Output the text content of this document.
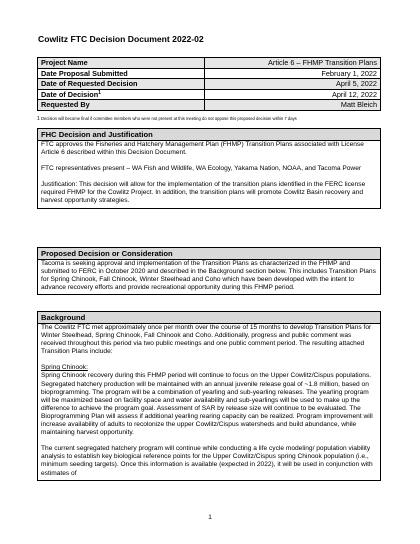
Cowlitz FTC Decision Document 2022-02
Project Name	Article 6 – FHMP Transition Plans
Date Proposal Submitted	February 1, 2022
Date of Requested Decision	April 5, 2022
Date of Decision$^1$	April 12, 2022
Requested By	Matt Bleich
$^1$ Decision will become final if committee members who were not present at this meeting do not oppose this proposed decision within 7 days
FHC Decision and Justification

FTC approves the Fisheries and Hatchery Management Plan (FHMP) Transition Plans associated with License Article 6 described within this Decision Document.

FTC representatives present – WA Fish and Wildlife, WA Ecology, Yakama Nation, NOAA, and Tacoma Power

Justification: This decision will allow for the implementation of the transition plans identified in the FERC license required FHMP for the Cowlitz Project. In addition, the transition plans will promote Cowlitz Basin recovery and harvest opportunity strategies.

Proposed Decision or Consideration

Tacoma is seeking approval and implementation of the Transition Plans as characterized in the FHMP and submitted to FERC in October 2020 and described in the Background section below. This includes Transition Plans for Spring Chinook, Fall Chinook, Winter Steelhead and Coho which have been developed with the intent to advance recovery efforts and provide recreational opportunity during this FHMP period.

Background

The Cowlitz FTC met approximately once per month over the course of 15 months to develop Transition Plans for Winter Steelhead, Spring Chinook, Fall Chinook and Coho. Additionally, progress and public comment was received throughout this period via two public meetings and one public comment period. The resulting attached Transition Plans include:

Spring Chinook:

Spring Chinook recovery during this FHMP period will continue to focus on the Upper Cowlitz/Cispus populations. Segregated hatchery production will be maintained with an annual juvenile release goal of ~1.8 million, based on bioprogramming. The program will be a combination of yearling and sub-yearling releases. The yearling program will be maximized based on facility space and water availability and sub-yearlings will be used to make up the difference to achieve the program goal. Assessment of SAR by release size will continue to be evaluated. The Bioprogramming Plan will assess if additional yearling rearing capacity can be realized. Program improvement will increase availability of adults to recolonize the upper Cowlitz/Cispus watersheds and build abundance, while maintaining harvest opportunity.

The current segregated hatchery program will continue while conducting a life cycle modeling/ population viability analysis to establish key biological reference points for the Upper Cowlitz/Cispus spring Chinook population (i.e., minimum seeding targets). Once this information is available (expected in 2022), it will be used in conjunction with estimates of

1
